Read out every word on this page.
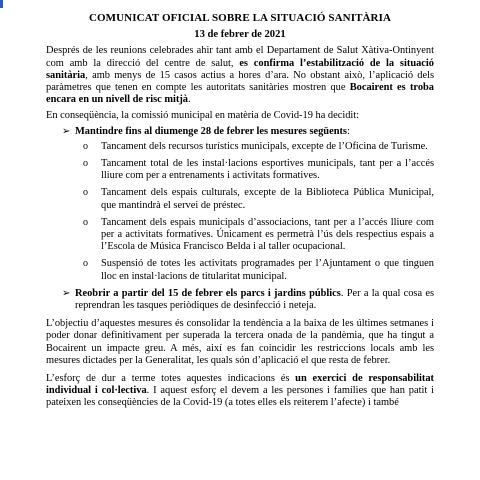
COMUNICAT OFICIAL SOBRE LA SITUACIÓ SANITÀRIA
13 de febrer de 2021

Després de les reunions celebrades ahir tant amb el Departament de Salut Xàtiva-Ontinyent com amb la direcció del centre de salut, es confirma l’estabilització de la situació sanitària, amb menys de 15 casos actius a hores d’ara. No obstant això, l’aplicació dels paràmetres que tenen en compte les autoritats sanitàries mostren que Bocairent es troba encara en un nivell de risc mitjà.

En conseqüència, la comissió municipal en matèria de Covid-19 ha decidit:

➢ Mantindre fins al diumenge 28 de febrer les mesures següents:
o Tancament dels recursos turístics municipals, excepte de l’Oficina de Turisme.
o Tancament total de les instal·lacions esportives municipals, tant per a l’accés lliure com per a entrenaments i activitats formatives.
o Tancament dels espais culturals, excepte de la Biblioteca Pública Municipal, que mantindrà el servei de préstec.
o Tancament dels espais municipals d’associacions, tant per a l’accés lliure com per a activitats formatives. Únicament es permetrà l’ús dels respectius espais a l’Escola de Música Francisco Belda i al taller ocupacional.
o Suspensió de totes les activitats programades per l’Ajuntament o que tinguen lloc en instal·lacions de titularitat municipal.
➢ Reobrir a partir del 15 de febrer els parcs i jardins públics. Per a la qual cosa es reprendran les tasques periòdiques de desinfecció i neteja.

L’objectiu d’aquestes mesures és consolidar la tendència a la baixa de les últimes setmanes i poder donar definitivament per superada la tercera onada de la pandèmia, que ha tingut a Bocairent un impacte greu. A més, així es fan coincidir les restriccions locals amb les mesures dictades per la Generalitat, les quals són d’aplicació el que resta de febrer.

L’esforç de dur a terme totes aquestes indicacions és un exercici de responsabilitat individual i col·lectiva. I aquest esforç el devem a les persones i famílies que han patit i pateixen les conseqüències de la Covid-19 (a totes elles els reiterem l’afecte) i també
